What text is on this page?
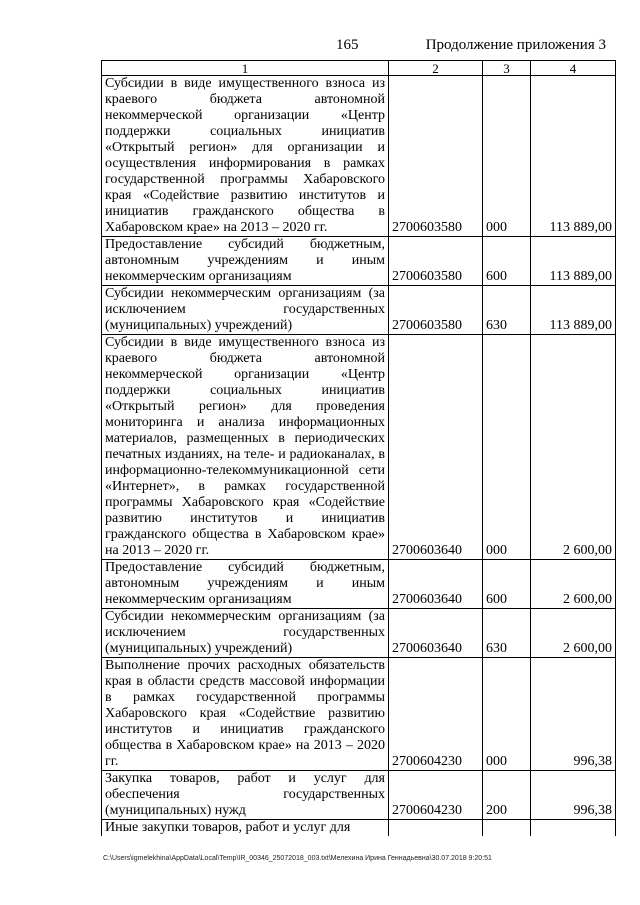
165	Продолжение приложения 3
1	2	3	4
Субсидии в виде имущественного взноса из краевого бюджета автономной некоммерческой организации «Центр поддержки социальных инициатив «Открытый регион» для организации и осуществления информирования в рамках государственной программы Хабаровского края «Содействие развитию институтов и инициатив гражданского общества в Хабаровском крае» на 2013 – 2020 гг.	2700603580	000	113 889,00
Предоставление субсидий бюджетным, автономным учреждениям и иным некоммерческим организациям	2700603580	600	113 889,00
Субсидии некоммерческим организациям (за исключением государственных (муниципальных) учреждений)	2700603580	630	113 889,00
Субсидии в виде имущественного взноса из краевого бюджета автономной некоммерческой организации «Центр поддержки социальных инициатив «Открытый регион» для проведения мониторинга и анализа информационных материалов, размещенных в периодических печатных изданиях, на теле- и радиоканалах, в информационно-телекоммуникационной сети «Интернет», в рамках государственной программы Хабаровского края «Содействие развитию институтов и инициатив гражданского общества в Хабаровском крае» на 2013 – 2020 гг.	2700603640	000	2 600,00
Предоставление субсидий бюджетным, автономным учреждениям и иным некоммерческим организациям	2700603640	600	2 600,00
Субсидии некоммерческим организациям (за исключением государственных (муниципальных) учреждений)	2700603640	630	2 600,00
Выполнение прочих расходных обязательств края в области средств массовой информации в рамках государственной программы Хабаровского края «Содействие развитию институтов и инициатив гражданского общества в Хабаровском крае» на 2013 – 2020 гг.	2700604230	000	996,38
Закупка товаров, работ и услуг для обеспечения государственных (муниципальных) нужд	2700604230	200	996,38
Иные закупки товаров, работ и услуг для			
C:\Users\igmelekhina\AppData\Local\Temp\IR_00346_25072018_003.txt\Мелехина Ирина Геннадьевна\30.07.2018 9:20:51
